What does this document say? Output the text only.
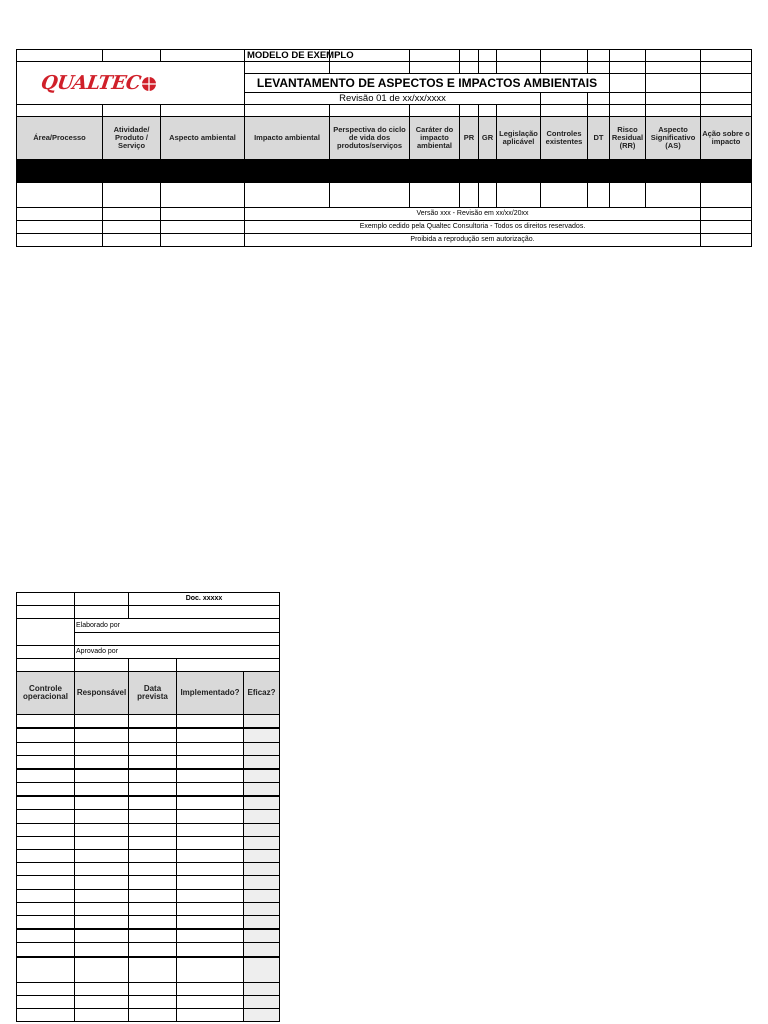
			MODELO DE EXEMPLO										

QUALTEC													

			LEVANTAMENTO DE ASPECTOS E IMPACTOS AMBIENTAIS										
			Revisão 01 de xx/xx/xxxx										

Área/Processo	Atividade/ Produto / Serviço	Aspecto ambiental	Impacto ambiental	Perspectiva do ciclo de vida dos produtos/serviços	Caráter do impacto ambiental	PR	GR	Legislação aplicável	Controles existentes	DT	Risco Residual (RR)	Aspecto Significativo (AS)	Ação sobre o impacto

			Versão xxx - Revisão em xx/xx/20xx										
			Exemplo cedido pela Qualtec Consultoria - Todos os direitos reservados.										
			Proibida a reprodução sem autorização.										
		Doc. xxxxx		

	Elaborado por			

	Aprovado por			

Controle operacional	Responsável	Data prevista	Implementado?	Eficaz?
